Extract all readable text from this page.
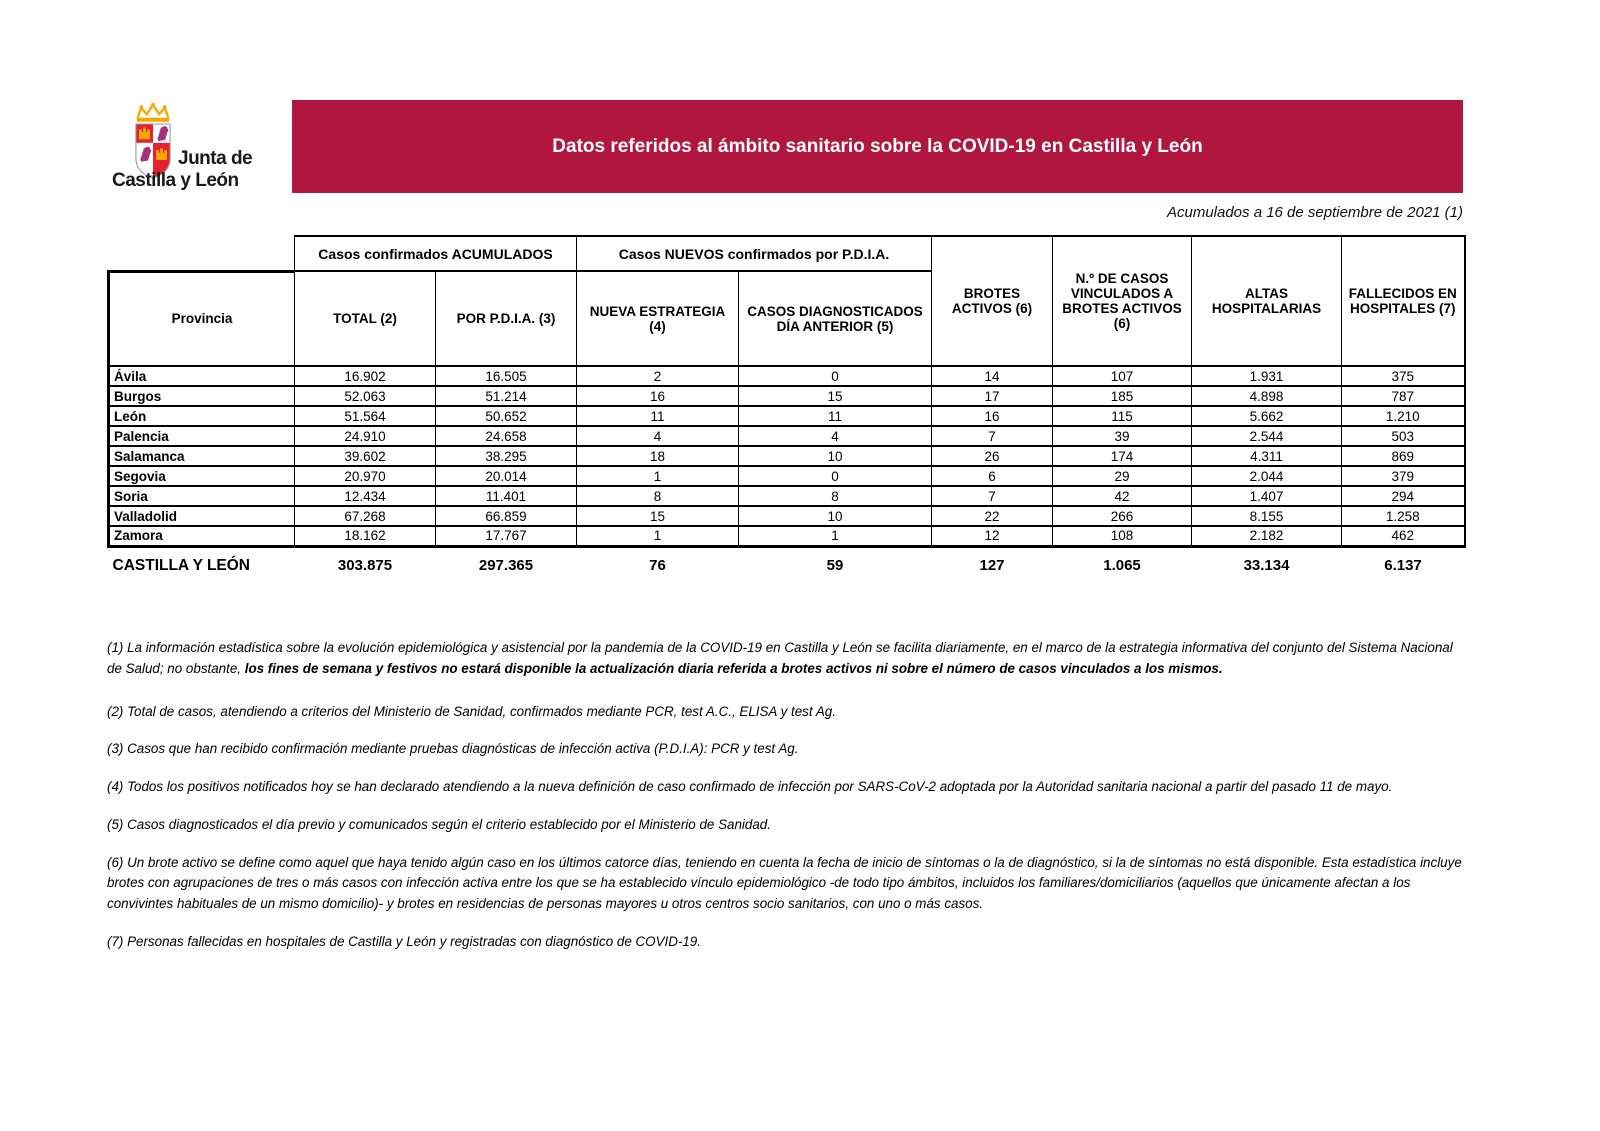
Junta de
Castilla y León
Datos referidos al ámbito sanitario sobre la COVID-19 en Castilla y León
Acumulados a 16 de septiembre de 2021 (1)
	Casos confirmados ACUMULADOS		Casos NUEVOS confirmados por P.D.I.A.		BROTES ACTIVOS (6)	N.º DE CASOS VINCULADOS A BROTES ACTIVOS (6)	ALTAS HOSPITALARIAS	FALLECIDOS EN HOSPITALES (7)
Provincia	TOTAL (2)	POR P.D.I.A. (3)	NUEVA ESTRATEGIA (4)	CASOS DIAGNOSTICADOS DÍA ANTERIOR (5)				
Ávila	16.902	16.505	2	0	14	107	1.931	375
Burgos	52.063	51.214	16	15	17	185	4.898	787
León	51.564	50.652	11	11	16	115	5.662	1.210
Palencia	24.910	24.658	4	4	7	39	2.544	503
Salamanca	39.602	38.295	18	10	26	174	4.311	869
Segovia	20.970	20.014	1	0	6	29	2.044	379
Soria	12.434	11.401	8	8	7	42	1.407	294
Valladolid	67.268	66.859	15	10	22	266	8.155	1.258
Zamora	18.162	17.767	1	1	12	108	2.182	462
CASTILLA Y LEÓN	303.875	297.365	76	59	127	1.065	33.134	6.137

(1) La información estadística sobre la evolución epidemiológica y asistencial por la pandemia de la COVID-19 en Castilla y León se facilita diariamente, en el marco de la estrategia informativa del conjunto del Sistema Nacional de Salud; no obstante, los fines de semana y festivos no estará disponible la actualización diaria referida a brotes activos ni sobre el número de casos vinculados a los mismos.

(2) Total de casos, atendiendo a criterios del Ministerio de Sanidad, confirmados mediante PCR, test A.C., ELISA y test Ag.

(3) Casos que han recibido confirmación mediante pruebas diagnósticas de infección activa (P.D.I.A): PCR y test Ag.

(4) Todos los positivos notificados hoy se han declarado atendiendo a la nueva definición de caso confirmado de infección por SARS-CoV-2 adoptada por la Autoridad sanitaria nacional a partir del pasado 11 de mayo.

(5) Casos diagnosticados el día previo y comunicados según el criterio establecido por el Ministerio de Sanidad.

(6) Un brote activo se define como aquel que haya tenido algún caso en los últimos catorce días, teniendo en cuenta la fecha de inicio de síntomas o la de diagnóstico, si la de síntomas no está disponible. Esta estadística incluye brotes con agrupaciones de tres o más casos con infección activa entre los que se ha establecido vínculo epidemiológico -de todo tipo ámbitos, incluidos los familiares/domiciliarios (aquellos que únicamente afectan a los convivintes habituales de un mismo domicilio)- y brotes en residencias de personas mayores u otros centros socio sanitarios, con uno o más casos.

(7) Personas fallecidas en hospitales de Castilla y León y registradas con diagnóstico de COVID-19.
